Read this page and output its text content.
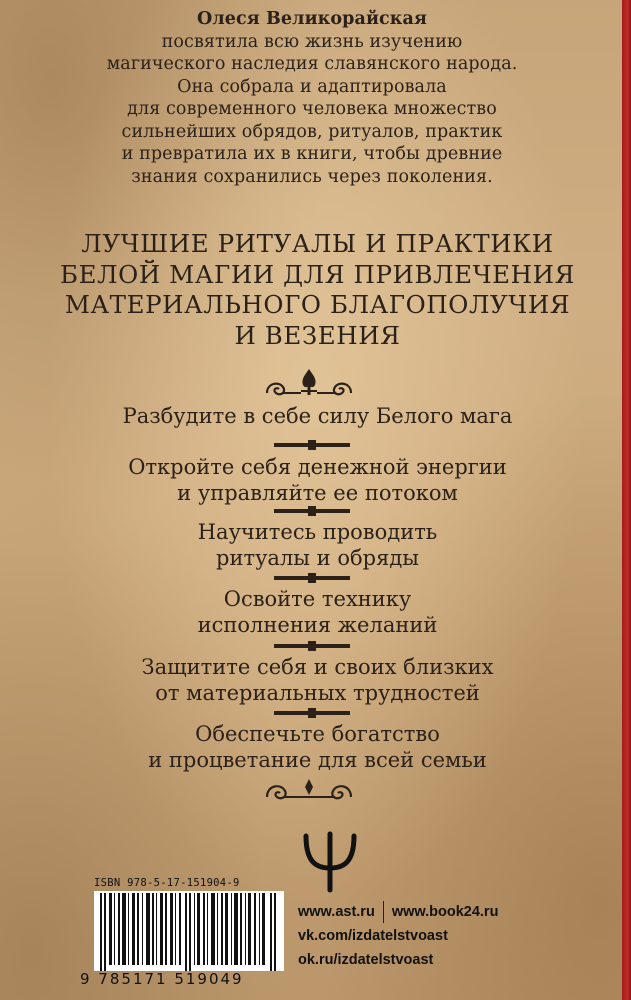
Олеся Великорайская
посвятила всю жизнь изучению
магического наследия славянского народа.
Она собрала и адаптировала
для современного человека множество
сильнейших обрядов, ритуалов, практик
и превратила их в книги, чтобы древние
знания сохранились через поколения.
ЛУЧШИЕ РИТУАЛЫ И ПРАКТИКИ
БЕЛОЙ МАГИИ ДЛЯ ПРИВЛЕЧЕНИЯ
МАТЕРИАЛЬНОГО БЛАГОПОЛУЧИЯ
И ВЕЗЕНИЯ
Разбудите в себе силу Белого мага
Откройте себя денежной энергии
и управляйте ее потоком
Научитесь проводить
ритуалы и обряды
Освойте технику
исполнения желаний
Защитите себя и своих близких
от материальных трудностей
Обеспечьте богатство
и процветание для всей семьи
ISBN 978-5-17-151904-9
9 785171 519049
www.ast.ru www.book24.ru
vk.com/izdatelstvoast
ok.ru/izdatelstvoast
